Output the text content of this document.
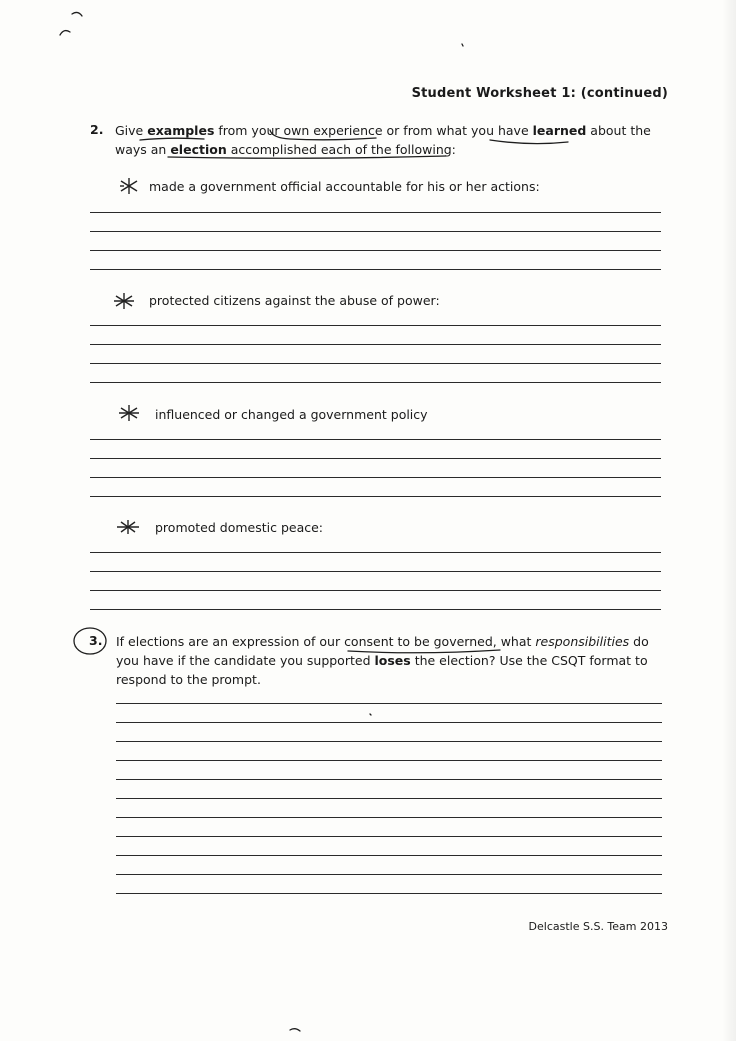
Student Worksheet 1: (continued)
2. Give examples from your own experience or from what you have learned about the
ways an election accomplished each of the following:
made a government official accountable for his or her actions:
protected citizens against the abuse of power:
influenced or changed a government policy
promoted domestic peace:
3. If elections are an expression of our consent to be governed, what responsibilities do
you have if the candidate you supported loses the election? Use the CSQT format to
respond to the prompt.
Delcastle S.S. Team 2013
